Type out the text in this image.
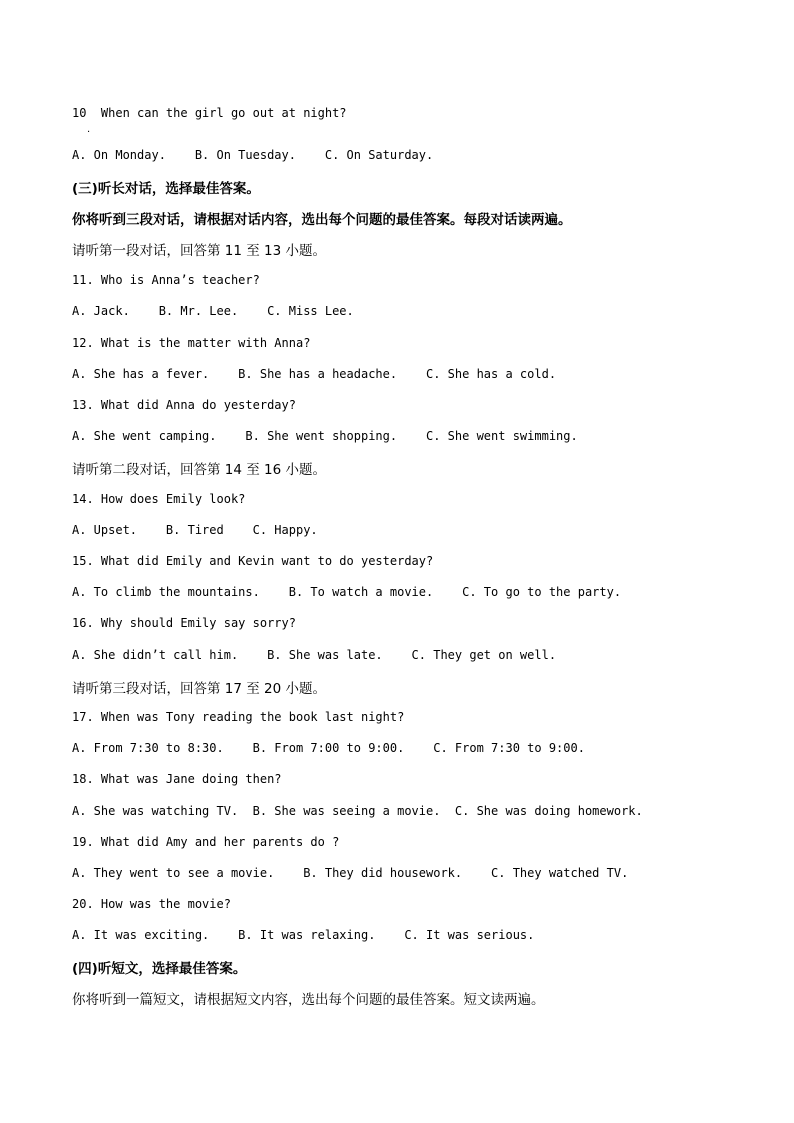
10  When can the girl go out at night?
.
A. On Monday.    B. On Tuesday.    C. On Saturday.
(三)听长对话，选择最佳答案。
你将听到三段对话，请根据对话内容，选出每个问题的最佳答案。每段对话读两遍。
请听第一段对话，回答第 11 至 13 小题。
11. Who is Anna’s teacher?
A. Jack.    B. Mr. Lee.    C. Miss Lee.
12. What is the matter with Anna?
A. She has a fever.    B. She has a headache.    C. She has a cold.
13. What did Anna do yesterday?
A. She went camping.    B. She went shopping.    C. She went swimming.
请听第二段对话，回答第 14 至 16 小题。
14. How does Emily look?
A. Upset.    B. Tired    C. Happy.
15. What did Emily and Kevin want to do yesterday?
A. To climb the mountains.    B. To watch a movie.    C. To go to the party.
16. Why should Emily say sorry?
A. She didn’t call him.    B. She was late.    C. They get on well.
请听第三段对话，回答第 17 至 20 小题。
17. When was Tony reading the book last night?
A. From 7:30 to 8:30.    B. From 7:00 to 9:00.    C. From 7:30 to 9:00.
18. What was Jane doing then?
A. She was watching TV.  B. She was seeing a movie.  C. She was doing homework.
19. What did Amy and her parents do ?
A. They went to see a movie.    B. They did housework.    C. They watched TV.
20. How was the movie?
A. It was exciting.    B. It was relaxing.    C. It was serious.
(四)听短文，选择最佳答案。
你将听到一篇短文，请根据短文内容，选出每个问题的最佳答案。短文读两遍。
